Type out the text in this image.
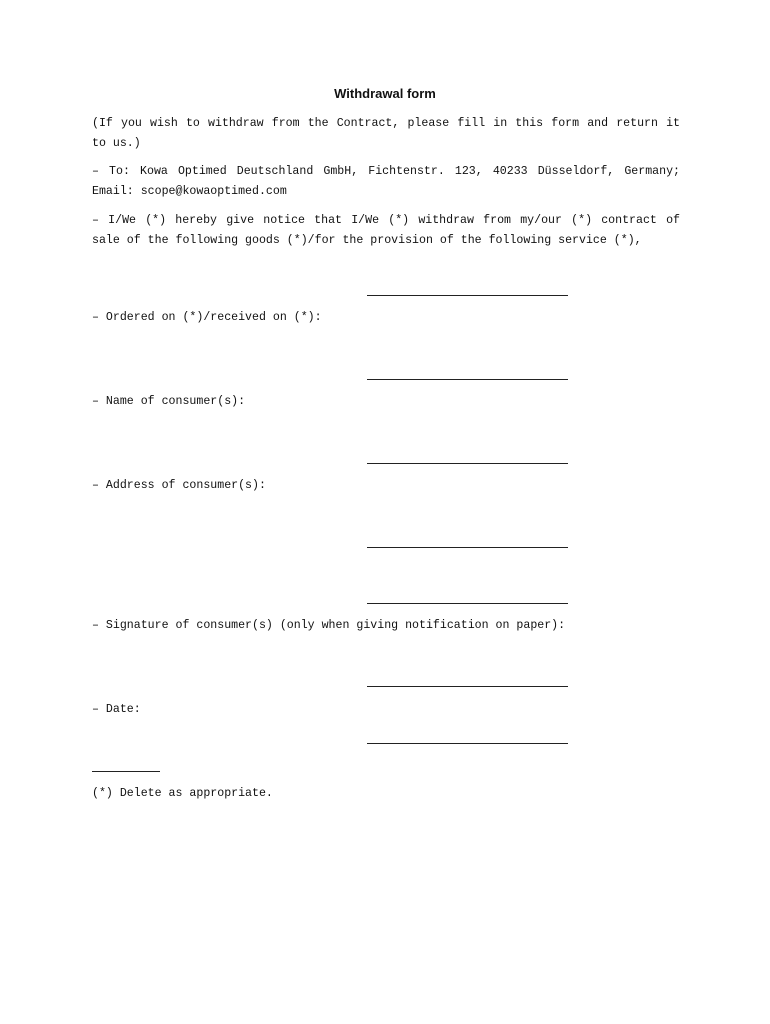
Withdrawal form
(If you wish to withdraw from the Contract, please fill in this form and return it to us.)
– To: Kowa Optimed Deutschland GmbH, Fichtenstr. 123, 40233 Düsseldorf, Germany; Email: scope@kowaoptimed.com
– I/We (*) hereby give notice that I/We (*) withdraw from my/our (*) contract of sale of the following goods (*)/for the provision of the following service (*),
– Ordered on (*)/received on (*):
– Name of consumer(s):
– Address of consumer(s):
– Signature of consumer(s) (only when giving notification on paper):
– Date:
(*) Delete as appropriate.
